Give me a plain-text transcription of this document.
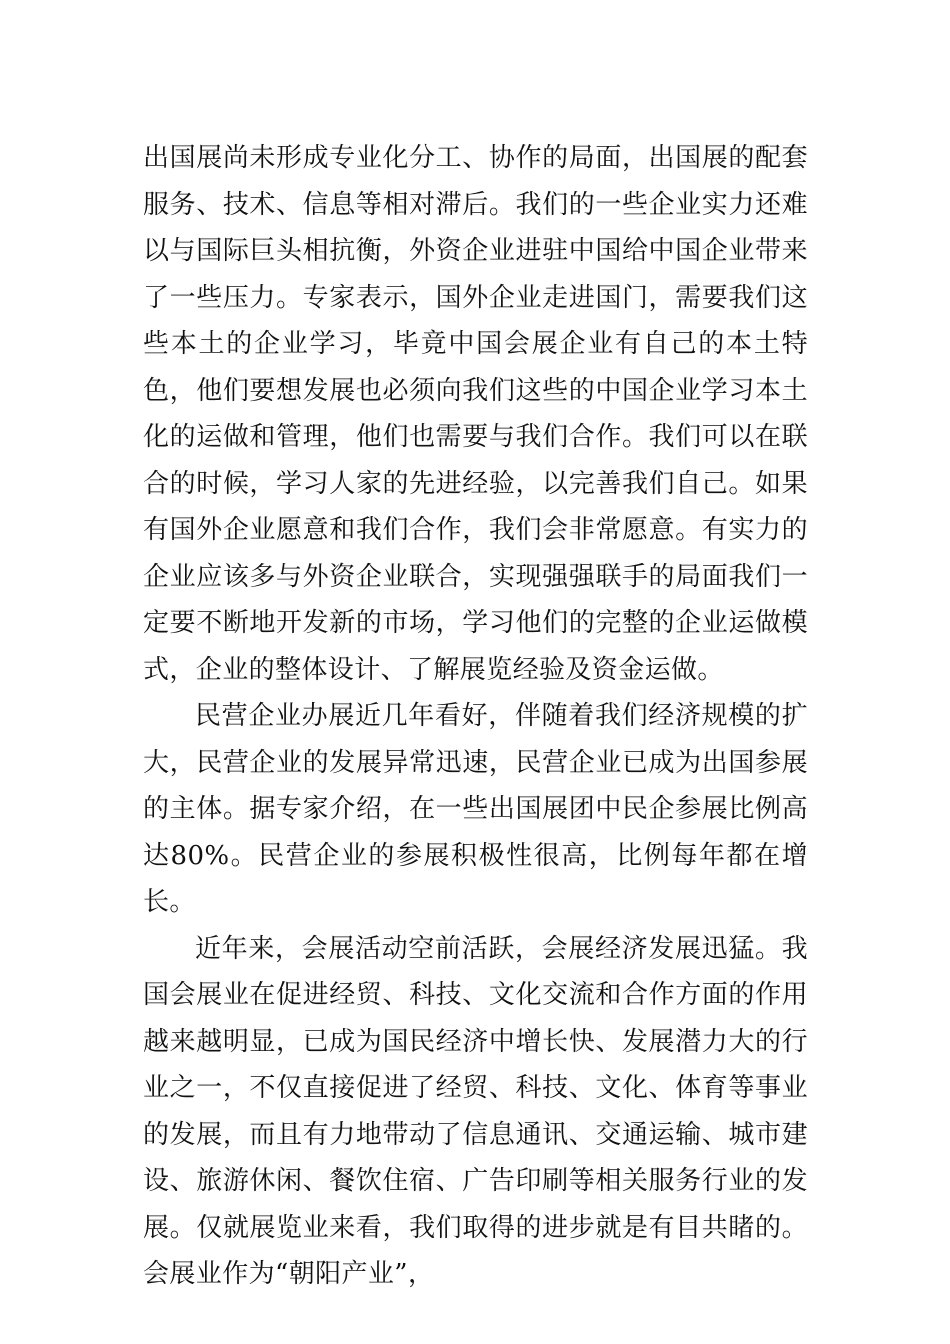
出国展尚未形成专业化分工、协作的局面，出国展的配套服务、技术、信息等相对滞后。我们的一些企业实力还难以与国际巨头相抗衡，外资企业进驻中国给中国企业带来了一些压力。专家表示，国外企业走进国门，需要我们这些本土的企业学习，毕竟中国会展企业有自己的本土特色，他们要想发展也必须向我们这些的中国企业学习本土化的运做和管理，他们也需要与我们合作。我们可以在联合的时候，学习人家的先进经验，以完善我们自己。如果有国外企业愿意和我们合作，我们会非常愿意。有实力的企业应该多与外资企业联合，实现强强联手的局面我们一定要不断地开发新的市场，学习他们的完整的企业运做模式，企业的整体设计、了解展览经验及资金运做。

民营企业办展近几年看好，伴随着我们经济规模的扩大，民营企业的发展异常迅速，民营企业已成为出国参展的主体。据专家介绍，在一些出国展团中民企参展比例高达80%。民营企业的参展积极性很高，比例每年都在增长。

近年来，会展活动空前活跃，会展经济发展迅猛。我国会展业在促进经贸、科技、文化交流和合作方面的作用越来越明显，已成为国民经济中增长快、发展潜力大的行业之一，不仅直接促进了经贸、科技、文化、体育等事业的发展，而且有力地带动了信息通讯、交通运输、城市建设、旅游休闲、餐饮住宿、广告印刷等相关服务行业的发展。仅就展览业来看，我们取得的进步就是有目共睹的。会展业作为“朝阳产业”，
